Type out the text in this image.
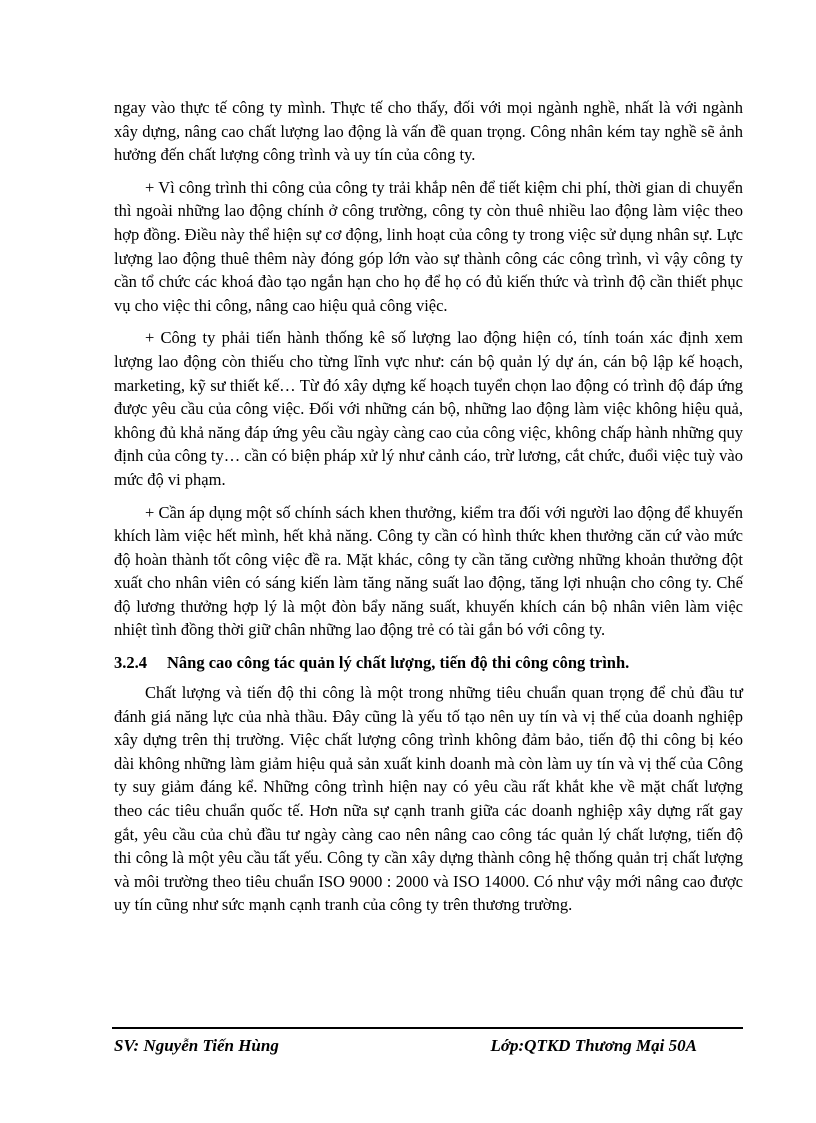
ngay vào thực tế công ty mình. Thực tế cho thấy, đối với mọi ngành nghề, nhất là với ngành xây dựng, nâng cao chất lượng lao động là vấn đề quan trọng. Công nhân kém tay nghề sẽ ảnh hưởng đến chất lượng công trình và uy tín của công ty.

+ Vì công trình thi công của công ty trải khắp nên để tiết kiệm chi phí, thời gian di chuyển thì ngoài những lao động chính ở công trường, công ty còn thuê nhiều lao động làm việc theo hợp đồng. Điều này thể hiện sự cơ động, linh hoạt của công ty trong việc sử dụng nhân sự. Lực lượng lao động thuê thêm này đóng góp lớn vào sự thành công các công trình, vì vậy công ty cần tổ chức các khoá đào tạo ngắn hạn cho họ để họ có đủ kiến thức và trình độ cần thiết phục vụ cho việc thi công, nâng cao hiệu quả công việc.

+ Công ty phải tiến hành thống kê số lượng lao động hiện có, tính toán xác định xem lượng lao động còn thiếu cho từng lĩnh vực như: cán bộ quản lý dự án, cán bộ lập kế hoạch, marketing, kỹ sư thiết kế… Từ đó xây dựng kế hoạch tuyển chọn lao động có trình độ đáp ứng được yêu cầu của công việc. Đối với những cán bộ, những lao động làm việc không hiệu quả, không đủ khả năng đáp ứng yêu cầu ngày càng cao của công việc, không chấp hành những quy định của công ty… cần có biện pháp xử lý như cảnh cáo, trừ lương, cắt chức, đuổi việc tuỳ vào mức độ vi phạm.

+ Cần áp dụng một số chính sách khen thưởng, kiểm tra đối với người lao động để khuyến khích làm việc hết mình, hết khả năng. Công ty cần có hình thức khen thưởng căn cứ vào mức độ hoàn thành tốt công việc đề ra. Mặt khác, công ty cần tăng cường những khoản thưởng đột xuất cho nhân viên có sáng kiến làm tăng năng suất lao động, tăng lợi nhuận cho công ty. Chế độ lương thưởng hợp lý là một đòn bẩy năng suất, khuyến khích cán bộ nhân viên làm việc nhiệt tình đồng thời giữ chân những lao động trẻ có tài gắn bó với công ty.

3.2.4 Nâng cao công tác quản lý chất lượng, tiến độ thi công công trình.

Chất lượng và tiến độ thi công là một trong những tiêu chuẩn quan trọng để chủ đầu tư đánh giá năng lực của nhà thầu. Đây cũng là yếu tố tạo nên uy tín và vị thế của doanh nghiệp xây dựng trên thị trường. Việc chất lượng công trình không đảm bảo, tiến độ thi công bị kéo dài không những làm giảm hiệu quả sản xuất kinh doanh mà còn làm uy tín và vị thế của Công ty suy giảm đáng kể. Những công trình hiện nay có yêu cầu rất khắt khe về mặt chất lượng theo các tiêu chuẩn quốc tế. Hơn nữa sự cạnh tranh giữa các doanh nghiệp xây dựng rất gay gắt, yêu cầu của chủ đầu tư ngày càng cao nên nâng cao công tác quản lý chất lượng, tiến độ thi công là một yêu cầu tất yếu. Công ty cần xây dựng thành công hệ thống quản trị chất lượng và môi trường theo tiêu chuẩn ISO 9000 : 2000 và ISO 14000. Có như vậy mới nâng cao được uy tín cũng như sức mạnh cạnh tranh của công ty trên thương trường.

SV: Nguyễn Tiến Hùng	Lớp:QTKD Thương Mại 50A
